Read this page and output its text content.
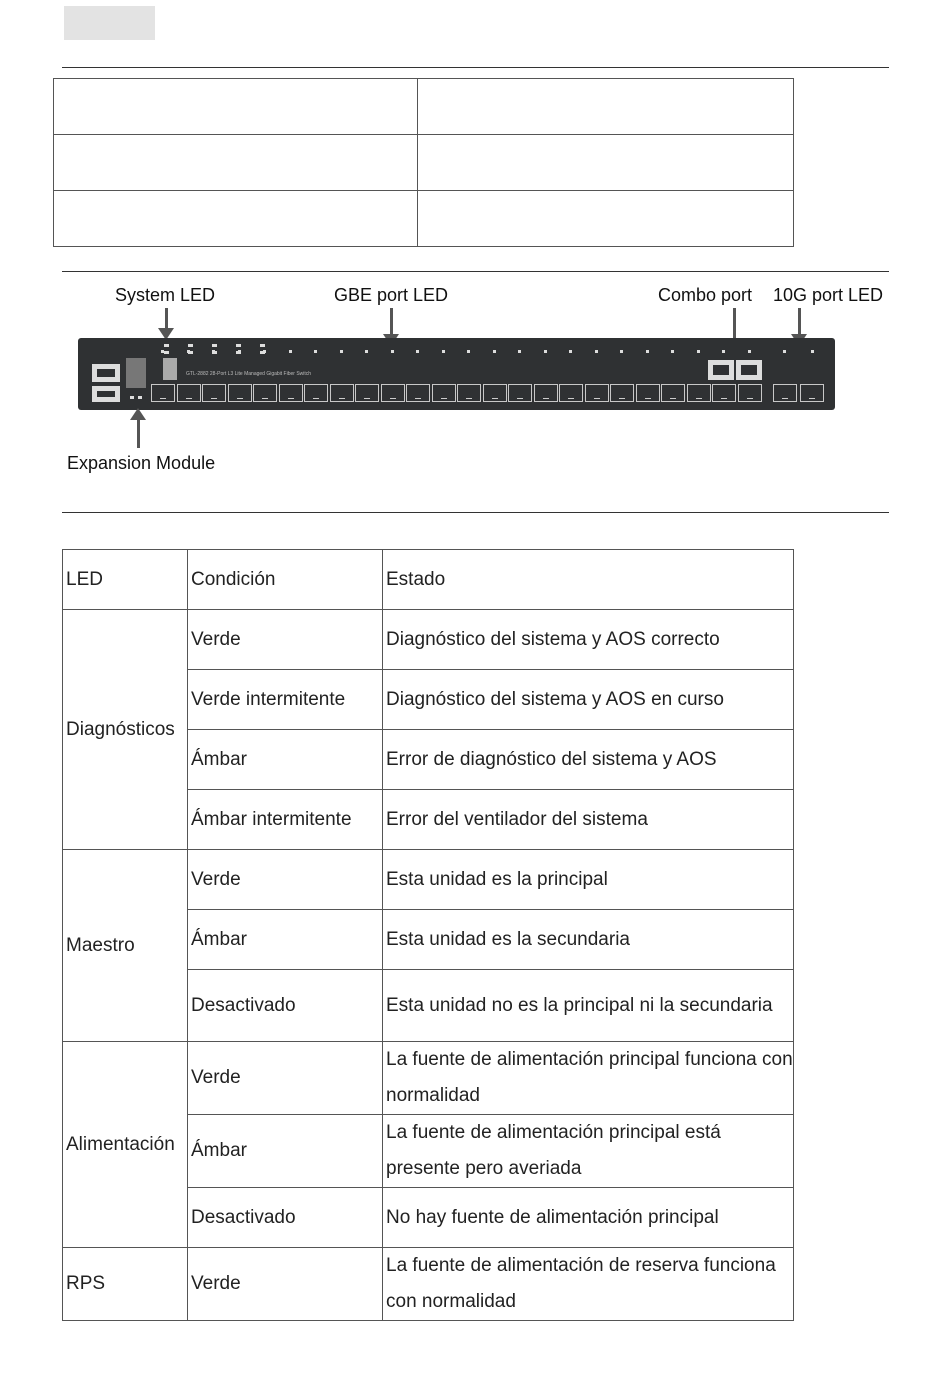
System LED	GBE port LED	Combo port 10G port LED
GTL-2882 28-Port L3 Lite Managed Gigabit Fiber Switch
Expansion Module
LED	Condición	Estado
Diagnósticos	Verde	Diagnóstico del sistema y AOS correcto
	Verde intermitente	Diagnóstico del sistema y AOS en curso
	Ámbar	Error de diagnóstico del sistema y AOS
	Ámbar intermitente	Error del ventilador del sistema
Maestro	Verde	Esta unidad es la principal
	Ámbar	Esta unidad es la secundaria
	Desactivado	Esta unidad no es la principal ni la secundaria
Alimentación	Verde	La fuente de alimentación principal funciona con normalidad
	Ámbar	La fuente de alimentación principal está presente pero averiada
	Desactivado	No hay fuente de alimentación principal
RPS	Verde	La fuente de alimentación de reserva funciona con normalidad
